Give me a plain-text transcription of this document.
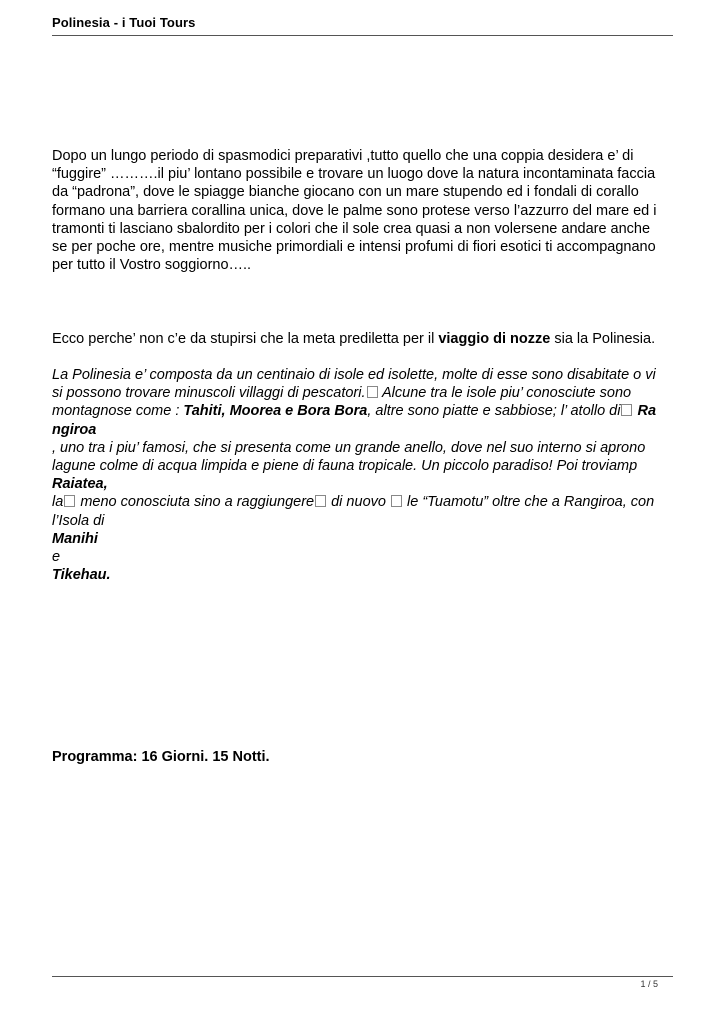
Polinesia - i Tuoi Tours
Dopo un lungo periodo di spasmodici preparativi ,tutto quello che una coppia desidera e’ di
“fuggire” ……….il piu’ lontano possibile e trovare un luogo dove la natura incontaminata faccia
da “padrona”, dove le spiagge bianche giocano con un mare stupendo ed i fondali di corallo
formano una barriera corallina unica, dove le palme sono protese verso l’azzurro del mare ed i
tramonti ti lasciano sbalordito per i colori che il sole crea quasi a non volersene andare anche
se per poche ore, mentre musiche primordiali e intensi profumi di fiori esotici ti accompagnano
per tutto il Vostro soggiorno…..
Ecco perche’ non c’e da stupirsi che la meta prediletta per il viaggio di nozze sia la Polinesia.
La Polinesia e’ composta da un centinaio di isole ed isolette, molte di esse sono disabitate o vi
si possono trovare minuscoli villaggi di pescatori. Alcune tra le isole piu’ conosciute sono
montagnose come : Tahiti, Moorea e Bora Bora, altre sono piatte e sabbiose; l’ atollo di Ra
ngiroa
, uno tra i piu’ famosi, che si presenta come un grande anello, dove nel suo interno si aprono
lagune colme di acqua limpida e piene di fauna tropicale. Un piccolo paradiso! Poi troviamp
Raiatea,
la meno conosciuta sino a raggiungere di nuovo  le “Tuamotu” oltre che a Rangiroa, con
l’Isola di
Manihi
e
Tikehau.
Programma: 16 Giorni. 15 Notti.
1 / 5
